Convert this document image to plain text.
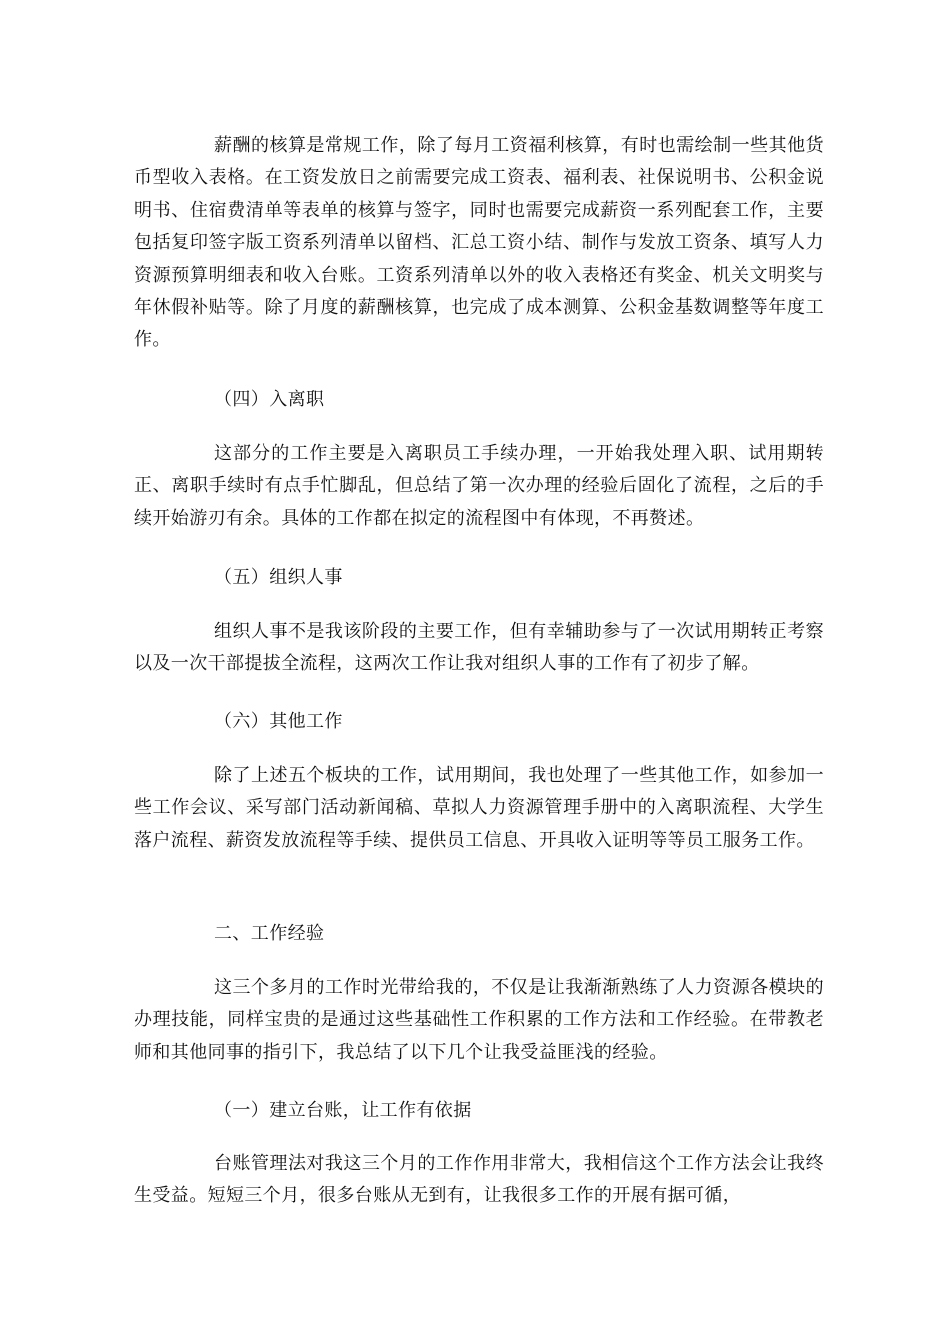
薪酬的核算是常规工作，除了每月工资福利核算，有时也需绘制一些其他货币型收入表格。在工资发放日之前需要完成工资表、福利表、社保说明书、公积金说明书、住宿费清单等表单的核算与签字，同时也需要完成薪资一系列配套工作，主要包括复印签字版工资系列清单以留档、汇总工资小结、制作与发放工资条、填写人力资源预算明细表和收入台账。工资系列清单以外的收入表格还有奖金、机关文明奖与年休假补贴等。除了月度的薪酬核算，也完成了成本测算、公积金基数调整等年度工作。

（四）入离职

这部分的工作主要是入离职员工手续办理，一开始我处理入职、试用期转正、离职手续时有点手忙脚乱，但总结了第一次办理的经验后固化了流程，之后的手续开始游刃有余。具体的工作都在拟定的流程图中有体现，不再赘述。

（五）组织人事

组织人事不是我该阶段的主要工作，但有幸辅助参与了一次试用期转正考察以及一次干部提拔全流程，这两次工作让我对组织人事的工作有了初步了解。

（六）其他工作

除了上述五个板块的工作，试用期间，我也处理了一些其他工作，如参加一些工作会议、采写部门活动新闻稿、草拟人力资源管理手册中的入离职流程、大学生落户流程、薪资发放流程等手续、提供员工信息、开具收入证明等等员工服务工作。

二、工作经验

这三个多月的工作时光带给我的，不仅是让我渐渐熟练了人力资源各模块的办理技能，同样宝贵的是通过这些基础性工作积累的工作方法和工作经验。在带教老师和其他同事的指引下，我总结了以下几个让我受益匪浅的经验。

（一）建立台账，让工作有依据

台账管理法对我这三个月的工作作用非常大，我相信这个工作方法会让我终生受益。短短三个月，很多台账从无到有，让我很多工作的开展有据可循，
